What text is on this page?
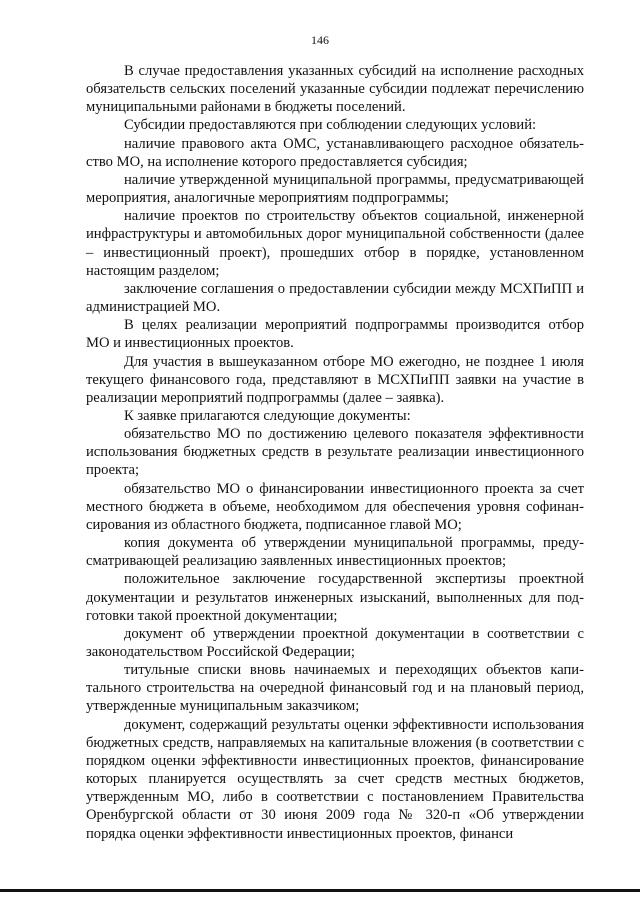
146

В случае предоставления указанных субсидий на исполнение расходных обязательств сельских поселений указанные субсидии подлежат перечислению муниципальными районами в бюджеты поселений.

Субсидии предоставляются при соблюдении следующих условий:

наличие правового акта ОМС, устанавливающего расходное обязательство МО, на исполнение которого предоставляется субсидия;

наличие утвержденной муниципальной программы, предусматривающей мероприятия, аналогичные мероприятиям подпрограммы;

наличие проектов по строительству объектов социальной, инженерной инфраструктуры и автомобильных дорог муниципальной собственности (далее – инвестиционный проект), прошедших отбор в порядке, установленном настоящим разделом;

заключение соглашения о предоставлении субсидии между МСХПиПП и администрацией МО.

В целях реализации мероприятий подпрограммы производится отбор МО и инвестиционных проектов.

Для участия в вышеуказанном отборе МО ежегодно, не позднее 1 июля текущего финансового года, представляют в МСХПиПП заявки на участие в реализации мероприятий подпрограммы (далее – заявка).

К заявке прилагаются следующие документы:

обязательство МО по достижению целевого показателя эффективности использования бюджетных средств в результате реализации инвестиционного проекта;

обязательство МО о финансировании инвестиционного проекта за счет местного бюджета в объеме, необходимом для обеспечения уровня софинансирования из областного бюджета, подписанное главой МО;

копия документа об утверждении муниципальной программы, предусматривающей реализацию заявленных инвестиционных проектов;

положительное заключение государственной экспертизы проектной документации и результатов инженерных изысканий, выполненных для подготовки такой проектной документации;

документ об утверждении проектной документации в соответствии с законодательством Российской Федерации;

титульные списки вновь начинаемых и переходящих объектов капитального строительства на очередной финансовый год и на плановый период, утвержденные муниципальным заказчиком;

документ, содержащий результаты оценки эффективности использования бюджетных средств, направляемых на капитальные вложения (в соответствии с порядком оценки эффективности инвестиционных проектов, финансирование которых планируется осуществлять за счет средств местных бюджетов, утвержденным МО, либо в соответствии с постановлением Правительства Оренбургской области от 30 июня 2009 года № 320-п «Об утверждении порядка оценки эффективности инвестиционных проектов, финанси
